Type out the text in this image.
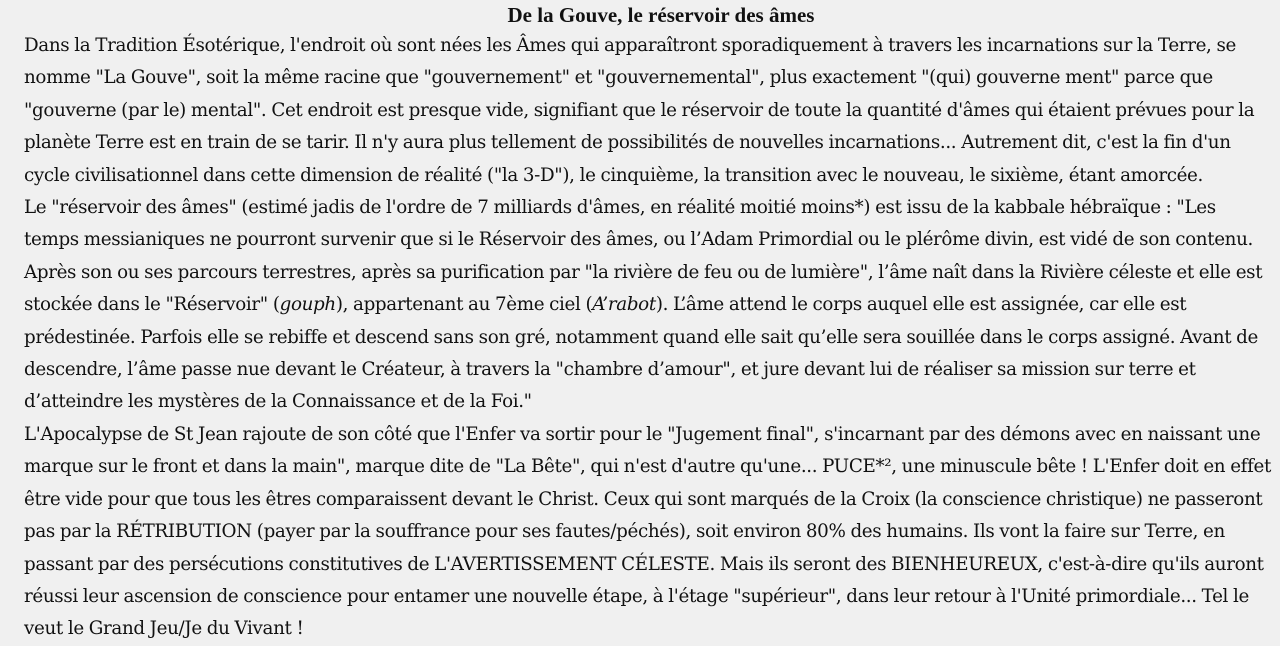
De la Gouve, le réservoir des âmes

Dans la Tradition Ésotérique, l'endroit où sont nées les Âmes qui apparaîtront sporadiquement à travers les incarnations sur la Terre, se nomme "La Gouve", soit la même racine que "gouvernement" et "gouvernemental", plus exactement "(qui) gouverne ment" parce que "gouverne (par le) mental". Cet endroit est presque vide, signifiant que le réservoir de toute la quantité d'âmes qui étaient prévues pour la planète Terre est en train de se tarir. Il n'y aura plus tellement de possibilités de nouvelles incarnations... Autrement dit, c'est la fin d'un cycle civilisationnel dans cette dimension de réalité ("la 3-D"), le cinquième, la transition avec le nouveau, le sixième, étant amorcée.

Le "réservoir des âmes" (estimé jadis de l'ordre de 7 milliards d'âmes, en réalité moitié moins*) est issu de la kabbale hébraïque : "Les temps messianiques ne pourront survenir que si le Réservoir des âmes, ou l’Adam Primordial ou le plérôme divin, est vidé de son contenu. Après son ou ses parcours terrestres, après sa purification par "la rivière de feu ou de lumière", l’âme naît dans la Rivière céleste et elle est stockée dans le "Réservoir" (gouph), appartenant au 7ème ciel (A’rabot). L’âme attend le corps auquel elle est assignée, car elle est prédestinée. Parfois elle se rebiffe et descend sans son gré, notamment quand elle sait qu’elle sera souillée dans le corps assigné. Avant de descendre, l’âme passe nue devant le Créateur, à travers la "chambre d’amour", et jure devant lui de réaliser sa mission sur terre et d’atteindre les mystères de la Connaissance et de la Foi."

L'Apocalypse de St Jean rajoute de son côté que l'Enfer va sortir pour le "Jugement final", s'incarnant par des démons avec en naissant une marque sur le front et dans la main", marque dite de "La Bête", qui n'est d'autre qu'une... PUCE*², une minuscule bête ! L'Enfer doit en effet être vide pour que tous les êtres comparaissent devant le Christ. Ceux qui sont marqués de la Croix (la conscience christique) ne passeront pas par la RÉTRIBUTION (payer par la souffrance pour ses fautes/péchés), soit environ 80% des humains. Ils vont la faire sur Terre, en passant par des persécutions constitutives de L'AVERTISSEMENT CÉLESTE. Mais ils seront des BIENHEUREUX, c'est-à-dire qu'ils auront réussi leur ascension de conscience pour entamer une nouvelle étape, à l'étage "supérieur", dans leur retour à l'Unité primordiale... Tel le veut le Grand Jeu/Je du Vivant !
